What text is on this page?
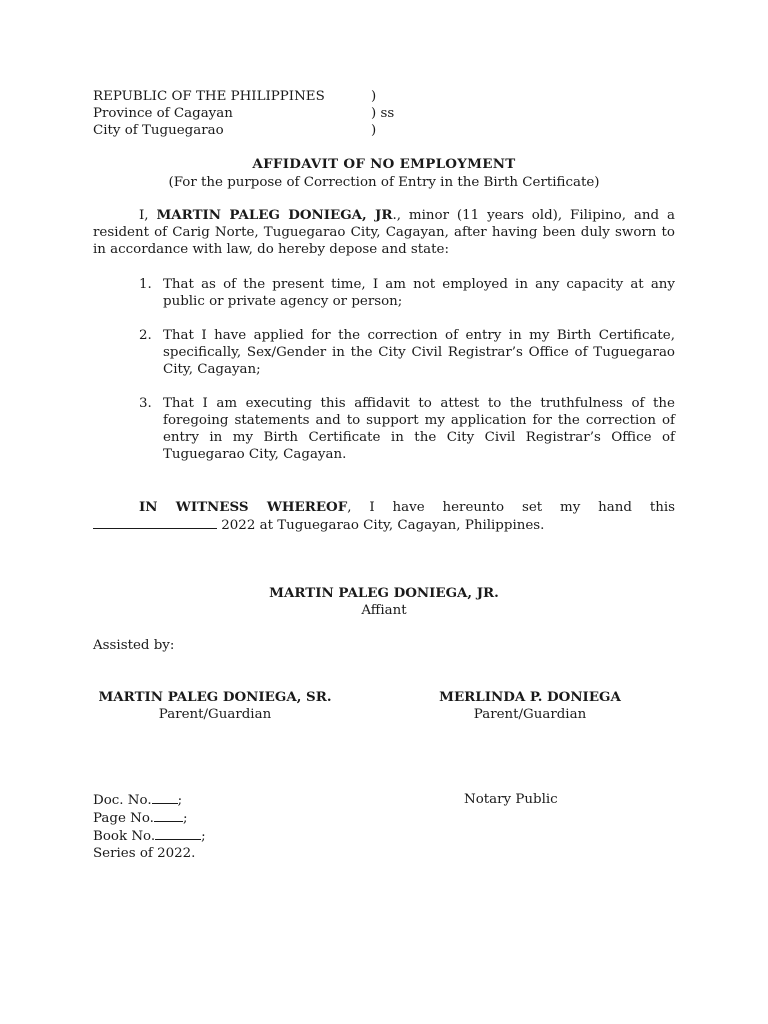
REPUBLIC OF THE PHILIPPINES	)
Province of Cagayan	) ss
City of Tuguegarao	)
AFFIDAVIT OF NO EMPLOYMENT
(For the purpose of Correction of Entry in the Birth Certificate)
I, MARTIN PALEG DONIEGA, JR., minor (11 years old), Filipino, and a resident of Carig Norte, Tuguegarao City, Cagayan, after having been duly sworn to in accordance with law, do hereby depose and state:
1. That as of the present time, I am not employed in any capacity at any public or private agency or person;
2. That I have applied for the correction of entry in my Birth Certificate, specifically, Sex/Gender in the City Civil Registrar’s Office of Tuguegarao City, Cagayan;
3. That I am executing this affidavit to attest to the truthfulness of the foregoing statements and to support my application for the correction of entry in my Birth Certificate in the City Civil Registrar’s Office of Tuguegarao City, Cagayan.
IN WITNESS WHEREOF, I have hereunto set my hand this  2022 at Tuguegarao City, Cagayan, Philippines.
MARTIN PALEG DONIEGA, JR.
Affiant
Assisted by:
MARTIN PALEG DONIEGA, SR.
Parent/Guardian
MERLINDA P. DONIEGA
Parent/Guardian
Doc. No. ;
Page No. ;
Book No.	;
Series of 2022.
Notary Public
